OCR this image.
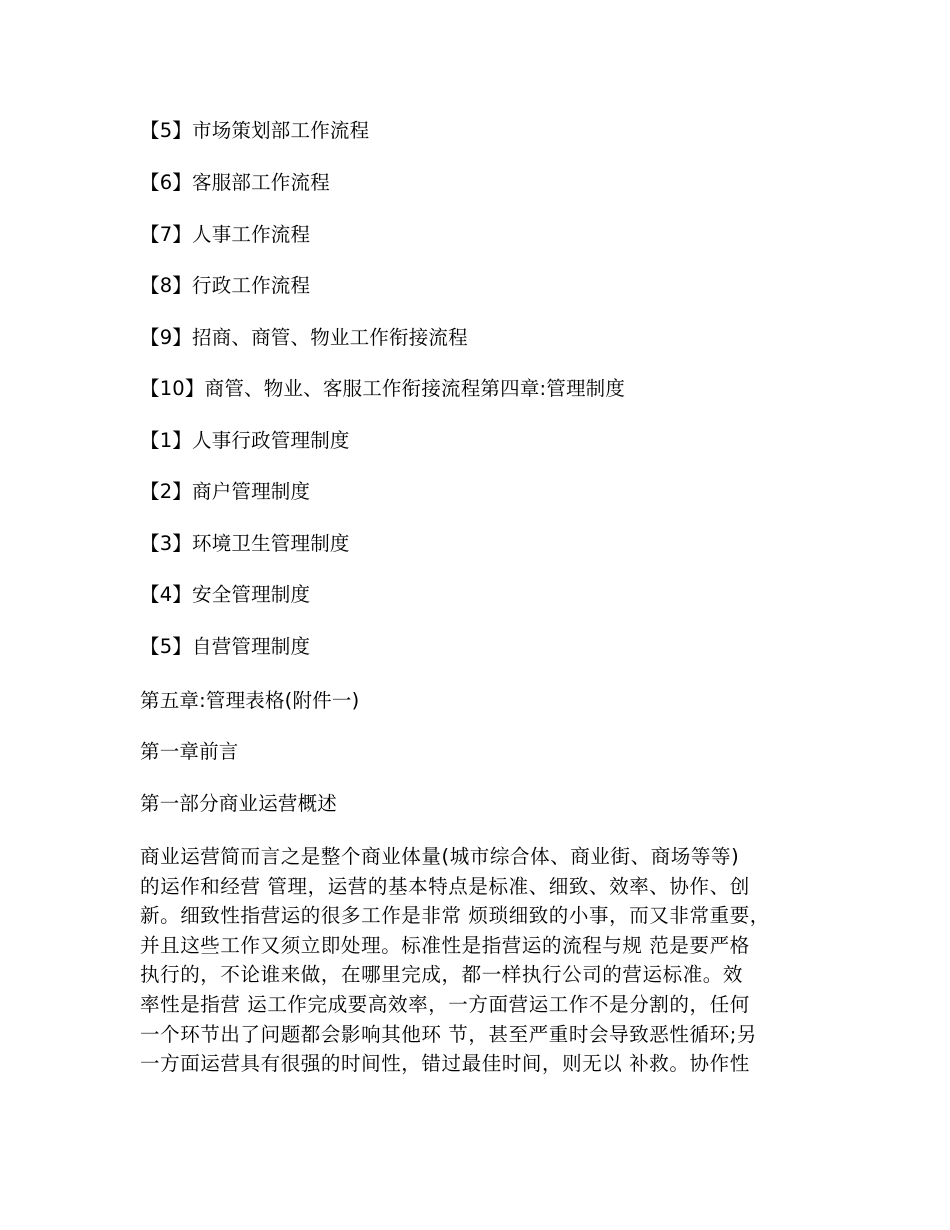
【5】市场策划部工作流程
【6】客服部工作流程
【7】人事工作流程
【8】行政工作流程
【9】招商、商管、物业工作衔接流程
【10】商管、物业、客服工作衔接流程第四章:管理制度
【1】人事行政管理制度
【2】商户管理制度
【3】环境卫生管理制度
【4】安全管理制度
【5】自营管理制度
第五章:管理表格(附件一)
第一章前言
第一部分商业运营概述
商业运营简而言之是整个商业体量(城市综合体、商业街、商场等等)
的运作和经营 管理，运营的基本特点是标准、细致、效率、协作、创
新。细致性指营运的很多工作是非常 烦琐细致的小事，而又非常重要，
并且这些工作又须立即处理。标准性是指营运的流程与规 范是要严格
执行的，不论谁来做，在哪里完成，都一样执行公司的营运标准。效
率性是指营 运工作完成要高效率，一方面营运工作不是分割的，任何
一个环节出了问题都会影响其他环 节，甚至严重时会导致恶性循环;另
一方面运营具有很强的时间性，错过最佳时间，则无以 补救。协作性
